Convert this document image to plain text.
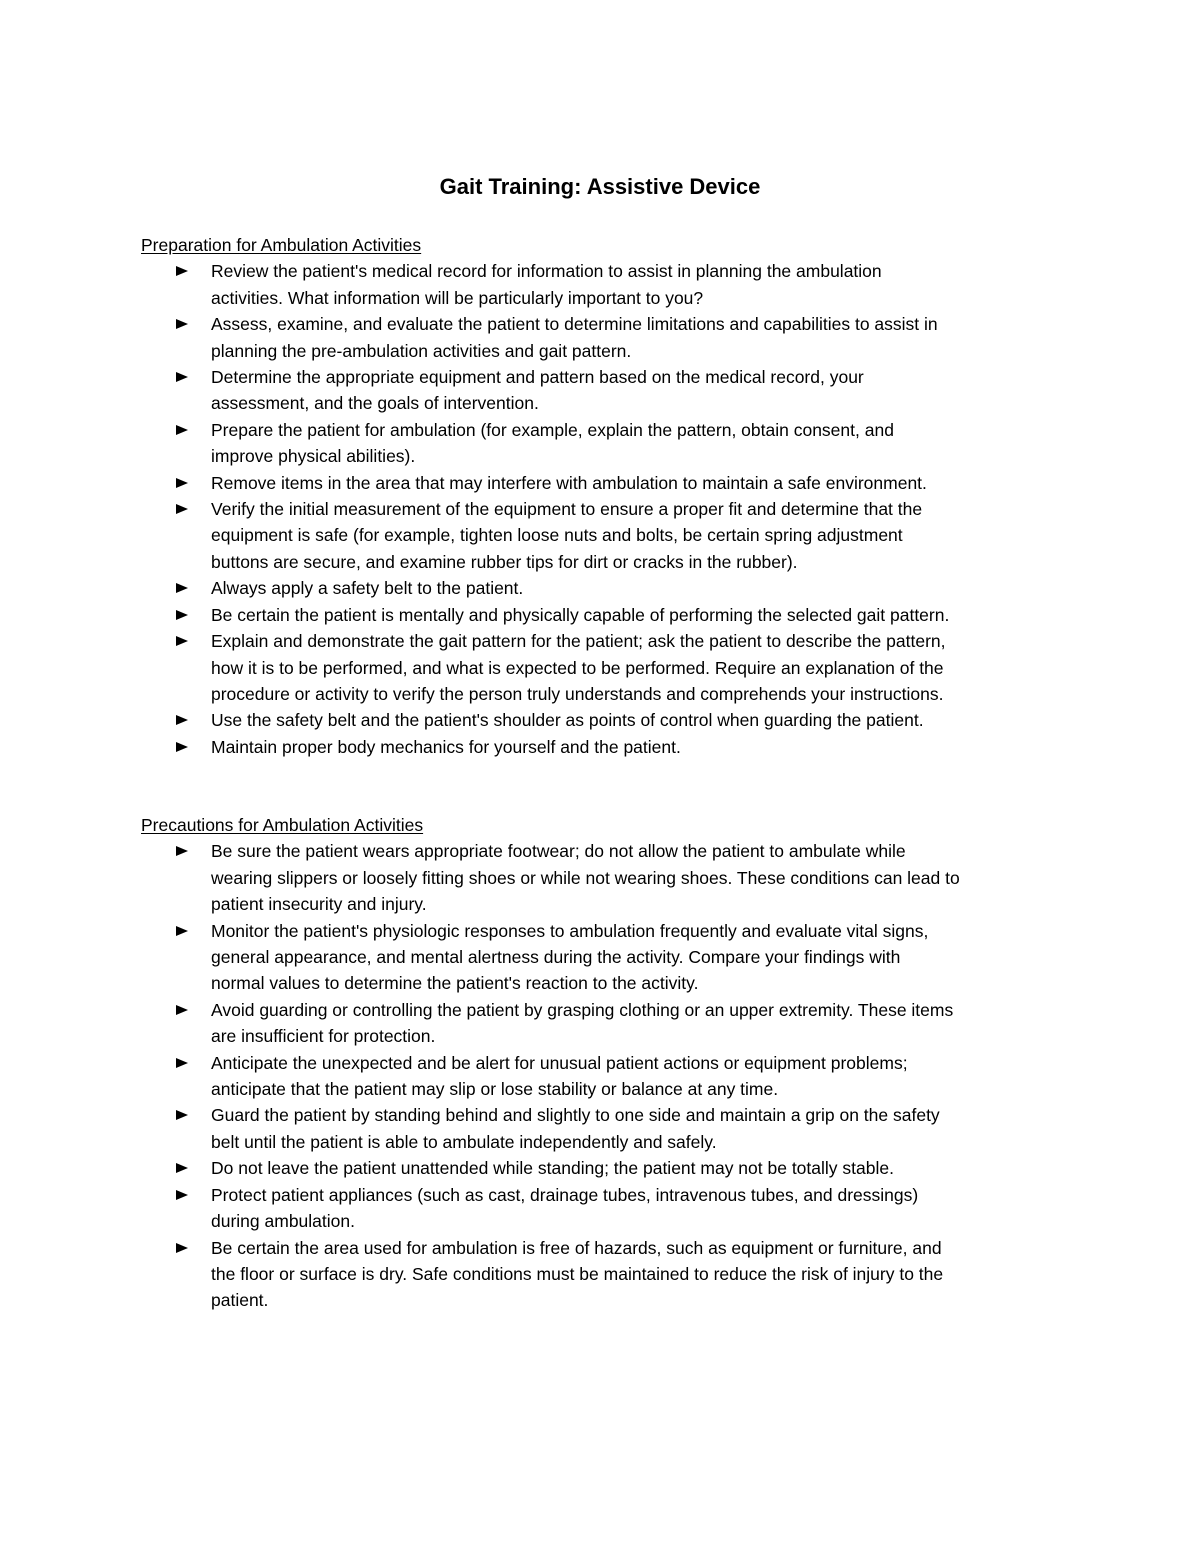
Gait Training: Assistive Device
Preparation for Ambulation Activities
Review the patient's medical record for information to assist in planning the ambulation
activities. What information will be particularly important to you?
Assess, examine, and evaluate the patient to determine limitations and capabilities to assist in
planning the pre-ambulation activities and gait pattern.
Determine the appropriate equipment and pattern based on the medical record, your
assessment, and the goals of intervention.
Prepare the patient for ambulation (for example, explain the pattern, obtain consent, and
improve physical abilities).
Remove items in the area that may interfere with ambulation to maintain a safe environment.
Verify the initial measurement of the equipment to ensure a proper fit and determine that the
equipment is safe (for example, tighten loose nuts and bolts, be certain spring adjustment
buttons are secure, and examine rubber tips for dirt or cracks in the rubber).
Always apply a safety belt to the patient.
Be certain the patient is mentally and physically capable of performing the selected gait pattern.
Explain and demonstrate the gait pattern for the patient; ask the patient to describe the pattern,
how it is to be performed, and what is expected to be performed. Require an explanation of the
procedure or activity to verify the person truly understands and comprehends your instructions.
Use the safety belt and the patient's shoulder as points of control when guarding the patient.
Maintain proper body mechanics for yourself and the patient.
Precautions for Ambulation Activities
Be sure the patient wears appropriate footwear; do not allow the patient to ambulate while
wearing slippers or loosely fitting shoes or while not wearing shoes. These conditions can lead to
patient insecurity and injury.
Monitor the patient's physiologic responses to ambulation frequently and evaluate vital signs,
general appearance, and mental alertness during the activity. Compare your findings with
normal values to determine the patient's reaction to the activity.
Avoid guarding or controlling the patient by grasping clothing or an upper extremity. These items
are insufficient for protection.
Anticipate the unexpected and be alert for unusual patient actions or equipment problems;
anticipate that the patient may slip or lose stability or balance at any time.
Guard the patient by standing behind and slightly to one side and maintain a grip on the safety
belt until the patient is able to ambulate independently and safely.
Do not leave the patient unattended while standing; the patient may not be totally stable.
Protect patient appliances (such as cast, drainage tubes, intravenous tubes, and dressings)
during ambulation.
Be certain the area used for ambulation is free of hazards, such as equipment or furniture, and
the floor or surface is dry. Safe conditions must be maintained to reduce the risk of injury to the
patient.
